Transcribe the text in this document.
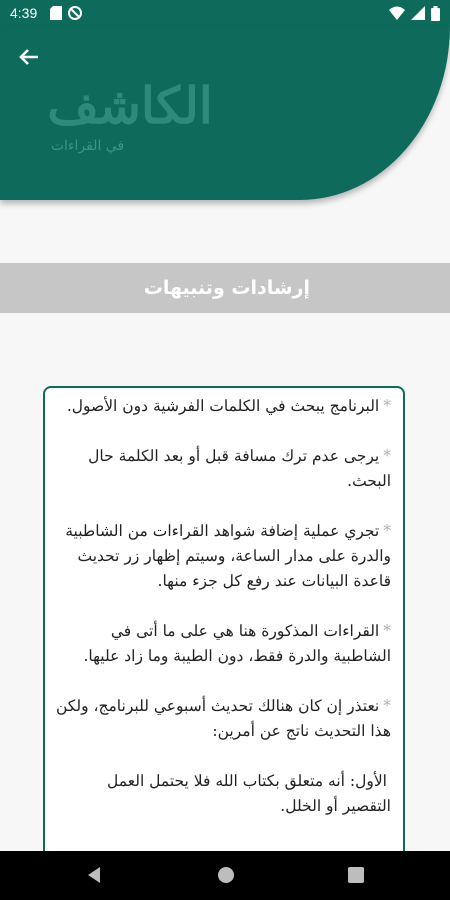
4:39
الكاشف
في القراءات
إرشادات وتنبيهات

*البرنامج يبحث في الكلمات الفرشية دون الأصول.

*يرجى عدم ترك مسافة قبل أو بعد الكلمة حال البحث.

*تجري عملية إضافة شواهد القراءات من الشاطبية والدرة على مدار الساعة، وسيتم إظهار زر تحديث قاعدة البيانات عند رفع كل جزء منها.

*القراءات المذكورة هنا هي على ما أتى في الشاطبية والدرة فقط، دون الطيبة وما زاد عليها.

*نعتذر إن كان هنالك تحديث أسبوعي للبرنامج، ولكن هذا التحديث ناتج عن أمرين:

الأول: أنه متعلق بكتاب الله فلا يحتمل العمل التقصير أو الخلل.
